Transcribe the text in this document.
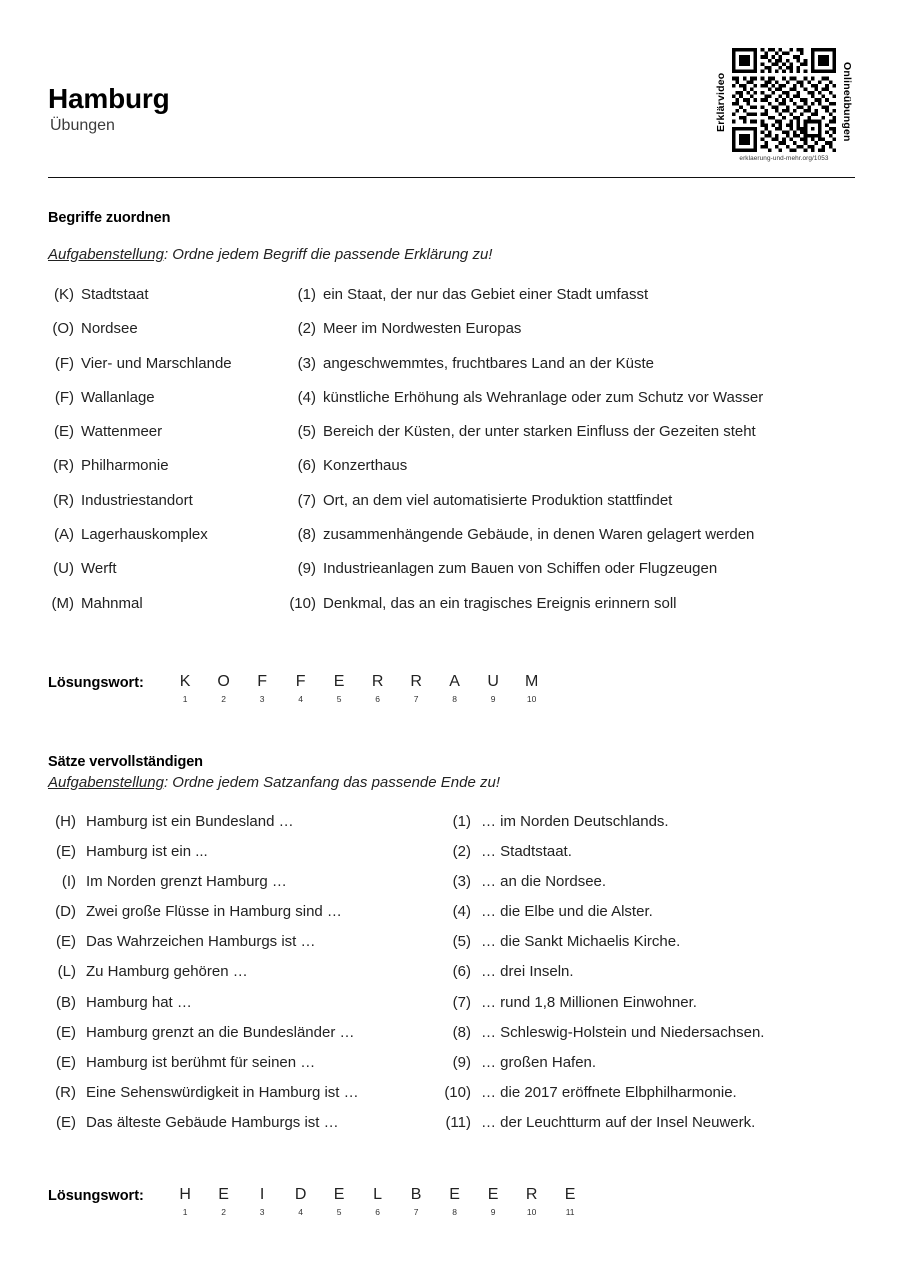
Hamburg
Übungen	Erklärvideo
erklaerung-und-mehr.org/1053
Onlineübungen
Begriffe zuordnen
Aufgabenstellung: Ordne jedem Begriff die passende Erklärung zu!
(K) Stadtstaat
(O) Nordsee
(F) Vier- und Marschlande
(F) Wallanlage
(E) Wattenmeer
(R) Philharmonie
(R) Industriestandort
(A) Lagerhauskomplex
(U) Werft
(M) Mahnmal
(1) ein Staat, der nur das Gebiet einer Stadt umfasst
(2) Meer im Nordwesten Europas
(3) angeschwemmtes, fruchtbares Land an der Küste
(4) künstliche Erhöhung als Wehranlage oder zum Schutz vor Wasser
(5) Bereich der Küsten, der unter starken Einfluss der Gezeiten steht
(6) Konzerthaus
(7) Ort, an dem viel automatisierte Produktion stattfindet
(8) zusammenhängende Gebäude, in denen Waren gelagert werden
(9) Industrieanlagen zum Bauen von Schiffen oder Flugzeugen
(10) Denkmal, das an ein tragisches Ereignis erinnern soll
Lösungswort: K
1
O
2
F
3
F
4
E
5
R
6
R
7
A
8
U
9
M
10
Sätze vervollständigen
Aufgabenstellung: Ordne jedem Satzanfang das passende Ende zu!
(H) Hamburg ist ein Bundesland …
(E) Hamburg ist ein ...
(I) Im Norden grenzt Hamburg …
(D) Zwei große Flüsse in Hamburg sind …
(E) Das Wahrzeichen Hamburgs ist …
(L) Zu Hamburg gehören …
(B) Hamburg hat …
(E) Hamburg grenzt an die Bundesländer …
(E) Hamburg ist berühmt für seinen …
(R) Eine Sehenswürdigkeit in Hamburg ist …
(E) Das älteste Gebäude Hamburgs ist …
(1) … im Norden Deutschlands.
(2) … Stadtstaat.
(3) … an die Nordsee.
(4) … die Elbe und die Alster.
(5) … die Sankt Michaelis Kirche.
(6) … drei Inseln.
(7) … rund 1,8 Millionen Einwohner.
(8) … Schleswig-Holstein und Niedersachsen.
(9) … großen Hafen.
(10) … die 2017 eröffnete Elbphilharmonie.
(11) … der Leuchtturm auf der Insel Neuwerk.
Lösungswort: H
1
E
2
I
3
D
4
E
5
L
6
B
7
E
8
E
9
R
10
E
11
